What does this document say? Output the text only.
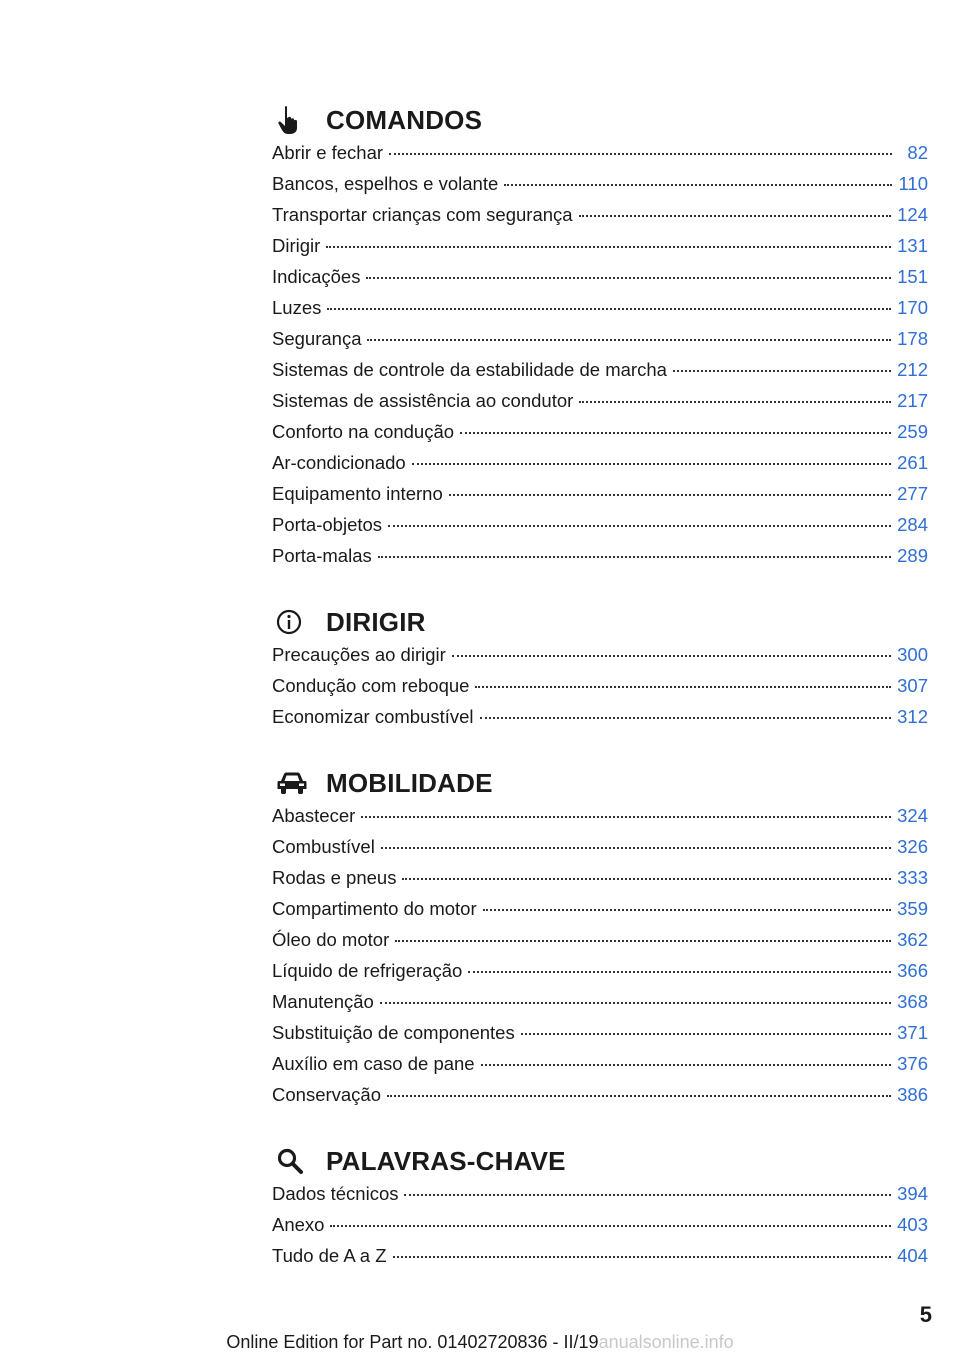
COMANDOS
Abrir e fechar	82
Bancos, espelhos e volante	110
Transportar crianças com segurança	124
Dirigir	131
Indicações	151
Luzes	170
Segurança	178
Sistemas de controle da estabilidade de marcha	212
Sistemas de assistência ao condutor	217
Conforto na condução	259
Ar-condicionado	261
Equipamento interno	277
Porta-objetos	284
Porta-malas	289
DIRIGIR
Precauções ao dirigir	300
Condução com reboque	307
Economizar combustível	312
MOBILIDADE
Abastecer	324
Combustível	326
Rodas e pneus	333
Compartimento do motor	359
Óleo do motor	362
Líquido de refrigeração	366
Manutenção	368
Substituição de componentes	371
Auxílio em caso de pane	376
Conservação	386
PALAVRAS-CHAVE
Dados técnicos	394
Anexo	403
Tudo de A a Z	404
5
Online Edition for Part no. 01402720836 - II/19anualsonline.info
